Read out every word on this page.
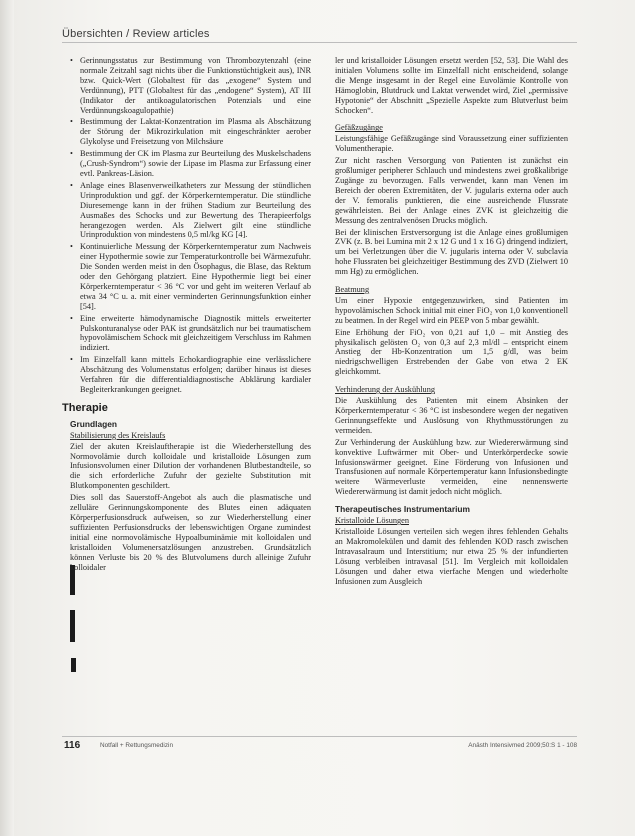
Übersichten / Review articles
• Gerinnungsstatus zur Bestimmung von Thrombozytenzahl (eine normale Zeitzahl sagt nichts über die Funktionstüchtigkeit aus), INR bzw. Quick-Wert (Globaltest für das „exogene“ System und Verdünnung), PTT (Globaltest für das „endogene“ System), AT III (Indikator der antikoagulatorischen Potenzials und eine Verdünnungskoagulopathie)
• Bestimmung der Laktat-Konzentration im Plasma als Abschätzung der Störung der Mikrozirkulation mit eingeschränkter aerober Glykolyse und Freisetzung von Milchsäure
• Bestimmung der CK im Plasma zur Beurteilung des Muskelschadens („Crush-Syndrom“) sowie der Lipase im Plasma zur Erfassung einer evtl. Pankreas-Läsion.
• Anlage eines Blasenverweilkatheters zur Messung der stündlichen Urinproduktion und ggf. der Körperkerntemperatur. Die stündliche Diuresemenge kann in der frühen Stadium zur Beurteilung des Ausmaßes des Schocks und zur Bewertung des Therapieerfolgs herangezogen werden. Als Zielwert gilt eine stündliche Urinproduktion von mindestens 0,5 ml/kg KG [4].
• Kontinuierliche Messung der Körperkerntemperatur zum Nachweis einer Hypothermie sowie zur Temperaturkontrolle bei Wärmezufuhr. Die Sonden werden meist in den Ösophagus, die Blase, das Rektum oder den Gehörgang platziert. Eine Hypothermie liegt bei einer Körperkerntemperatur < 36 °C vor und geht im weiteren Verlauf ab etwa 34 °C u. a. mit einer verminderten Gerinnungsfunktion einher [54].
• Eine erweiterte hämodynamische Diagnostik mittels erweiterter Pulskonturanalyse oder PAK ist grundsätzlich nur bei traumatischem hypovolämischem Schock mit gleichzeitigem Verschluss im Rahmen indiziert.
• Im Einzelfall kann mittels Echokardiographie eine verlässlichere Abschätzung des Volumenstatus erfolgen; darüber hinaus ist dieses Verfahren für die differentialdiagnostische Abklärung kardialer Begleiterkrankungen geeignet.
Therapie
Grundlagen
Stabilisierung des Kreislaufs

Ziel der akuten Kreislauftherapie ist die Wiederherstellung des Normovolämie durch kolloidale und kristalloide Lösungen zum Infusionsvolumen einer Dilution der vorhandenen Blutbestandteile, so die sich erforderliche Zufuhr der gezielte Substitution mit Blutkomponenten geschildert.

Dies soll das Sauerstoff-Angebot als auch die plasmatische und zelluläre Gerinnungskomponente des Blutes einen adäquaten Körperperfusionsdruck aufweisen, so zur Wiederherstellung einer suffizienten Perfusionsdrucks der lebenswichtigen Organe zumindest initial eine normovolämische Hypoalbuminämie mit kolloidalen und kristalloiden Volumenersatzlösungen anzustreben. Grundsätzlich können Verluste bis 20 % des Blutvolumens durch alleinige Zufuhr kolloidaler

ler und kristalloider Lösungen ersetzt werden [52, 53]. Die Wahl des initialen Volumens sollte im Einzelfall nicht entscheidend, solange die Menge insgesamt in der Regel eine Euvolämie Kontrolle von Hämoglobin, Blutdruck und Laktat verwendet wird, Ziel „permissive Hypotonie“ der Abschnitt „Spezielle Aspekte zum Blutverlust beim Schocken“.

Gefäßzugänge

Leistungsfähige Gefäßzugänge sind Voraussetzung einer suffizienten Volumentherapie.

Zur nicht raschen Versorgung von Patienten ist zunächst ein großlumiger peripherer Schlauch und mindestens zwei großkalibrige Zugänge zu bevorzugen. Falls verwendet, kann man Venen im Bereich der oberen Extremitäten, der V. jugularis externa oder auch der V. femoralis punktieren, die eine ausreichende Flussrate gewährleisten. Bei der Anlage eines ZVK ist gleichzeitig die Messung des zentralvenösen Drucks möglich.

Bei der klinischen Erstversorgung ist die Anlage eines großlumigen ZVK (z. B. bei Lumina mit 2 x 12 G und 1 x 16 G) dringend indiziert, um bei Verletzungen über die V. jugularis interna oder V. subclavia hohe Flussraten bei gleichzeitiger Bestimmung des ZVD (Zielwert 10 mm Hg) zu ermöglichen.

Beatmung

Um einer Hypoxie entgegenzuwirken, sind Patienten im hypovolämischen Schock initial mit einer FiO₂ von 1,0 konventionell zu beatmen. In der Regel wird ein PEEP von 5 mbar gewählt.

Eine Erhöhung der FiO₂ von 0,21 auf 1,0 – mit Anstieg des physikalisch gelösten O₂ von 0,3 auf 2,3 ml/dl – entspricht einem Anstieg der Hb-Konzentration um 1,5 g/dl, was beim niedrigschwelligen Erstrebenden der Gabe von etwa 2 EK gleichkommt.

Verhinderung der Auskühlung

Die Auskühlung des Patienten mit einem Absinken der Körperkerntemperatur < 36 °C ist insbesondere wegen der negativen Gerinnungseffekte und Auslösung von Rhythmusstörungen zu vermeiden.

Zur Verhinderung der Auskühlung bzw. zur Wiedererwärmung sind konvektive Luftwärmer mit Ober- und Unterkörperdecke sowie Infusionswärmer geeignet. Eine Förderung von Infusionen und Transfusionen auf normale Körpertemperatur kann Infusionsbedingte weitere Wärmeverluste vermeiden, eine nennenswerte Wiedererwärmung ist damit jedoch nicht möglich.

Therapeutisches Instrumentarium
Kristalloide Lösungen

Kristalloide Lösungen verteilen sich wegen ihres fehlenden Gehalts an Makromolekülen und damit des fehlenden KOD rasch zwischen Intravasalraum und Interstitium; nur etwa 25 % der infundierten Lösung verbleiben intravasal [51]. Im Vergleich mit kolloidalen Lösungen und daher etwa vierfache Mengen und wiederholte Infusionen zum Ausgleich

116	Notfall + Rettungsmedizin	Anästh Intensivmed 2009;50:S 1 - 108
